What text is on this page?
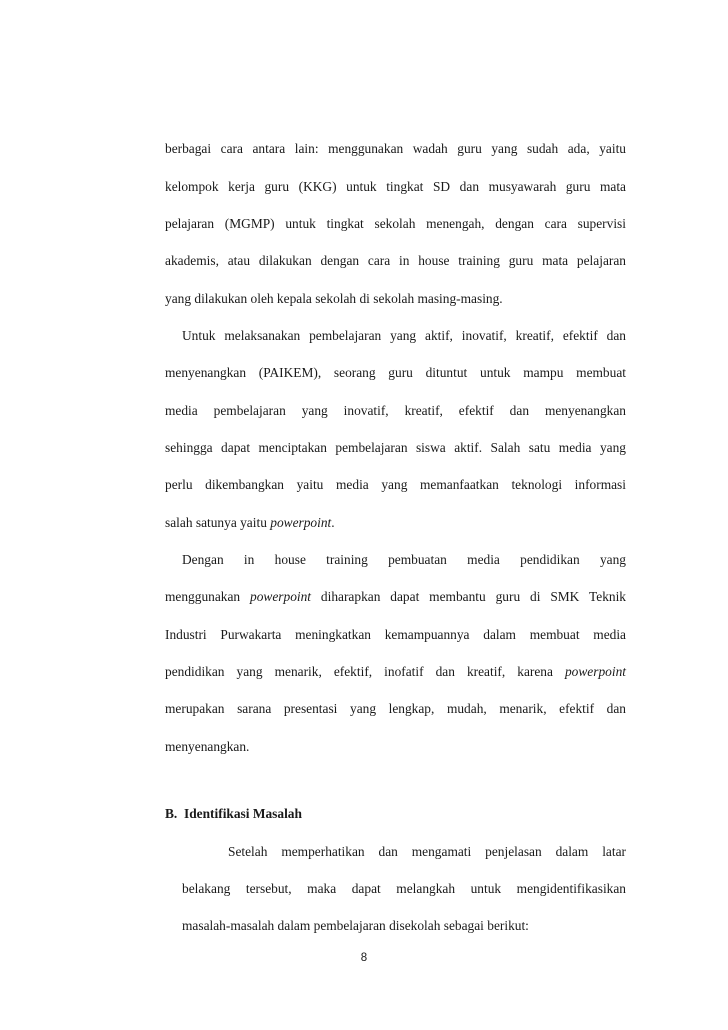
berbagai cara antara lain: menggunakan wadah guru yang sudah ada, yaitu
kelompok kerja guru (KKG) untuk tingkat SD dan musyawarah guru mata
pelajaran (MGMP) untuk tingkat sekolah menengah, dengan cara supervisi
akademis, atau dilakukan dengan cara in house training guru mata pelajaran
yang dilakukan oleh kepala sekolah di sekolah masing-masing.
Untuk melaksanakan pembelajaran yang aktif, inovatif, kreatif, efektif dan
menyenangkan (PAIKEM), seorang guru dituntut untuk mampu membuat
media pembelajaran yang inovatif, kreatif, efektif dan menyenangkan
sehingga dapat menciptakan pembelajaran siswa aktif. Salah satu media yang
perlu dikembangkan yaitu media yang memanfaatkan teknologi informasi
salah satunya yaitu powerpoint.
Dengan in house training pembuatan media pendidikan yang
menggunakan powerpoint diharapkan dapat membantu guru di SMK Teknik
Industri Purwakarta meningkatkan kemampuannya dalam membuat media
pendidikan yang menarik, efektif, inofatif dan kreatif, karena powerpoint
merupakan sarana presentasi yang lengkap, mudah, menarik, efektif dan
menyenangkan.
B. Identifikasi Masalah
Setelah memperhatikan dan mengamati penjelasan dalam latar
belakang tersebut, maka dapat melangkah untuk mengidentifikasikan
masalah-masalah dalam pembelajaran disekolah sebagai berikut:
8
